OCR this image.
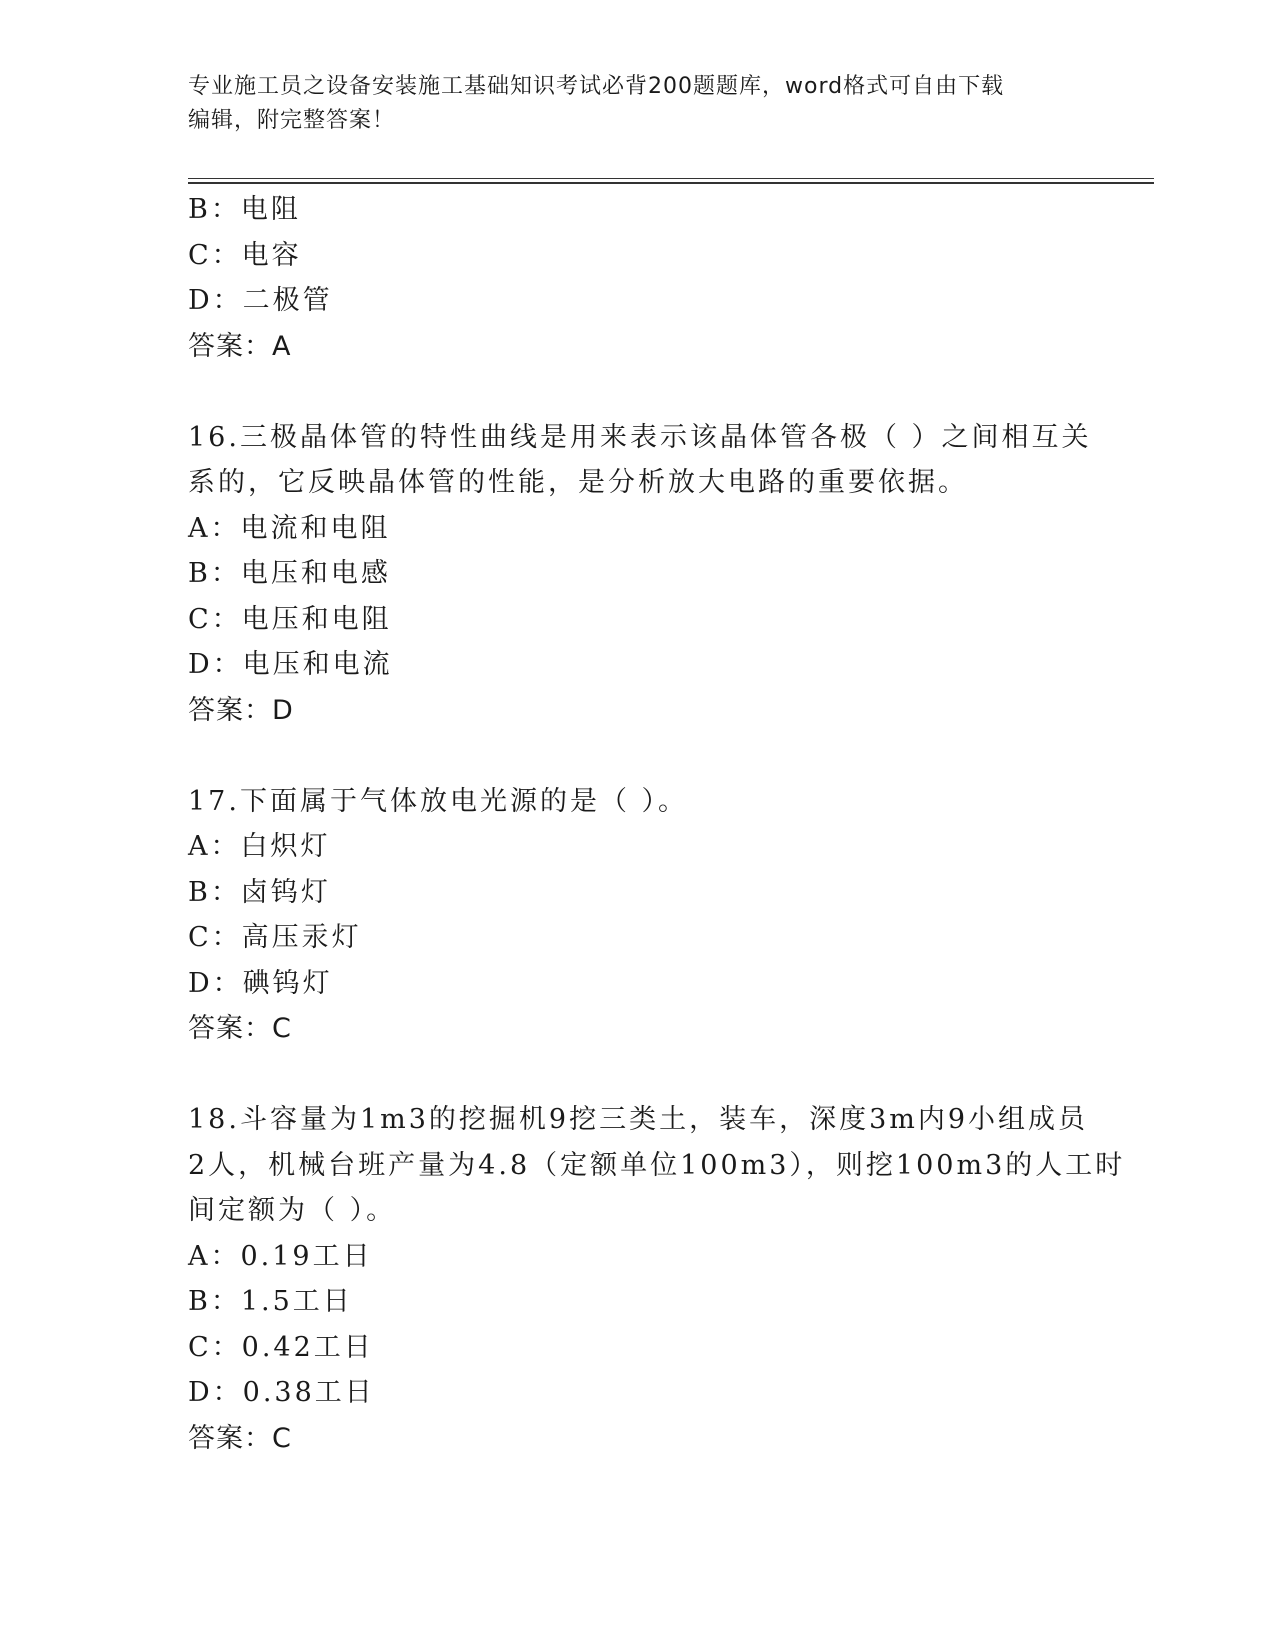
专业施工员之设备安装施工基础知识考试必背200题题库，word格式可自由下载
编辑，附完整答案！
B：电阻
C：电容
D：二极管
答案：A
16.三极晶体管的特性曲线是用来表示该晶体管各极（ ）之间相互关
系的，它反映晶体管的性能，是分析放大电路的重要依据。
A：电流和电阻
B：电压和电感
C：电压和电阻
D：电压和电流
答案：D
17.下面属于气体放电光源的是（ ）。
A：白炽灯
B：卤钨灯
C：高压汞灯
D：碘钨灯
答案：C
18.斗容量为1m3的挖掘机9挖三类土，装车，深度3m内9小组成员
2人，机械台班产量为4.8（定额单位100m3），则挖100m3的人工时
间定额为（ ）。
A：0.19工日
B：1.5工日
C：0.42工日
D：0.38工日
答案：C
